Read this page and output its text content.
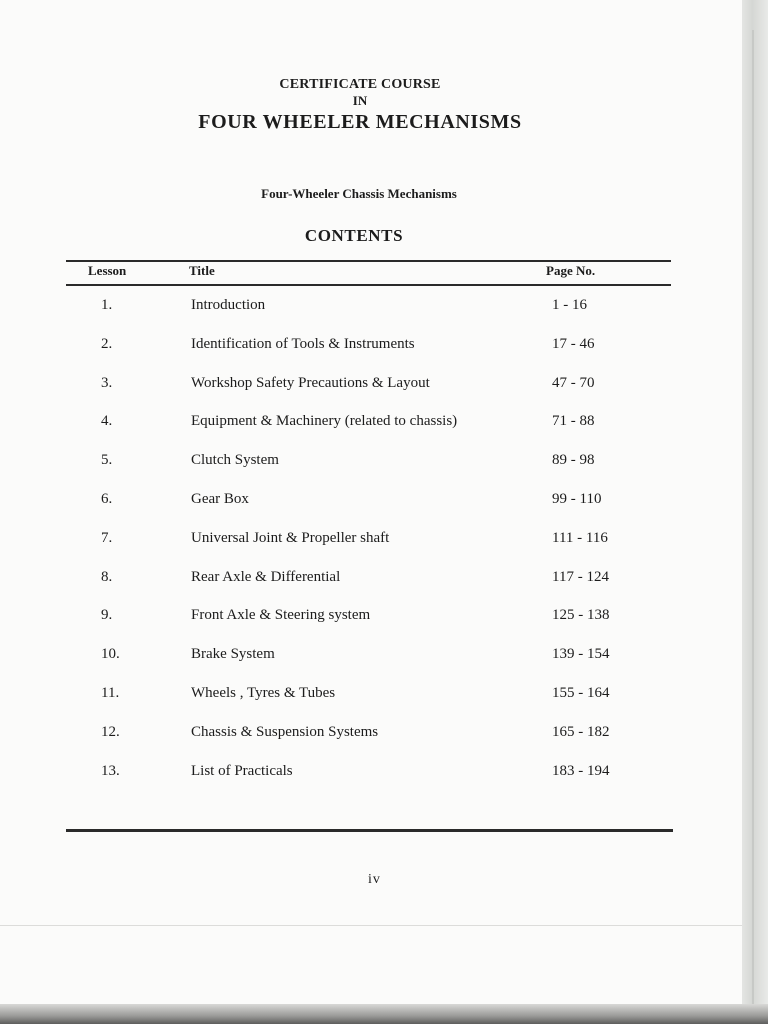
CERTIFICATE COURSE

IN

FOUR WHEELER MECHANISMS

Four-Wheeler Chassis Mechanisms

CONTENTS

Lesson	Title	Page No.

1.	Introduction	1 - 16
2.	Identification of Tools & Instruments	17 - 46
3.	Workshop Safety Precautions & Layout	47 - 70
4.	Equipment & Machinery (related to chassis)	71 - 88
5.	Clutch System	89 - 98
6.	Gear Box	99 - 110
7.	Universal Joint & Propeller shaft	111 - 116
8.	Rear Axle & Differential	117 - 124
9.	Front Axle & Steering system	125 - 138
10.	Brake System	139 - 154
11.	Wheels , Tyres & Tubes	155 - 164
12.	Chassis & Suspension Systems	165 - 182
13.	List of Practicals	183 - 194

iv
